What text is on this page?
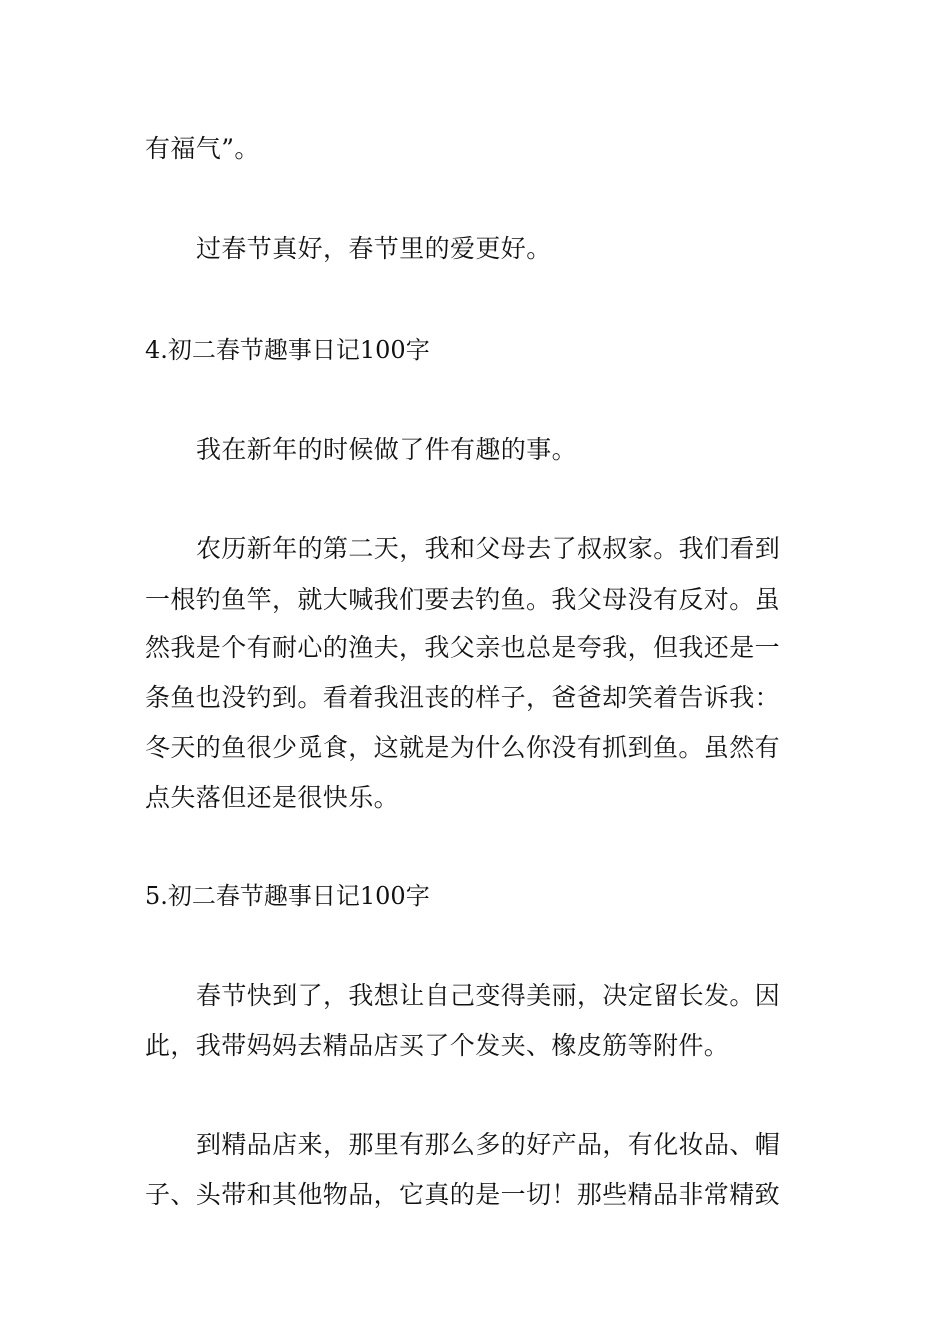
有福气”。
过春节真好，春节里的爱更好。
4.初二春节趣事日记100字
我在新年的时候做了件有趣的事。
农历新年的第二天，我和父母去了叔叔家。我们看到
一根钓鱼竿，就大喊我们要去钓鱼。我父母没有反对。虽
然我是个有耐心的渔夫，我父亲也总是夸我，但我还是一
条鱼也没钓到。看着我沮丧的样子，爸爸却笑着告诉我：
冬天的鱼很少觅食，这就是为什么你没有抓到鱼。虽然有
点失落但还是很快乐。
5.初二春节趣事日记100字
春节快到了，我想让自己变得美丽，决定留长发。因
此，我带妈妈去精品店买了个发夹、橡皮筋等附件。
到精品店来，那里有那么多的好产品，有化妆品、帽
子、头带和其他物品，它真的是一切！那些精品非常精致
